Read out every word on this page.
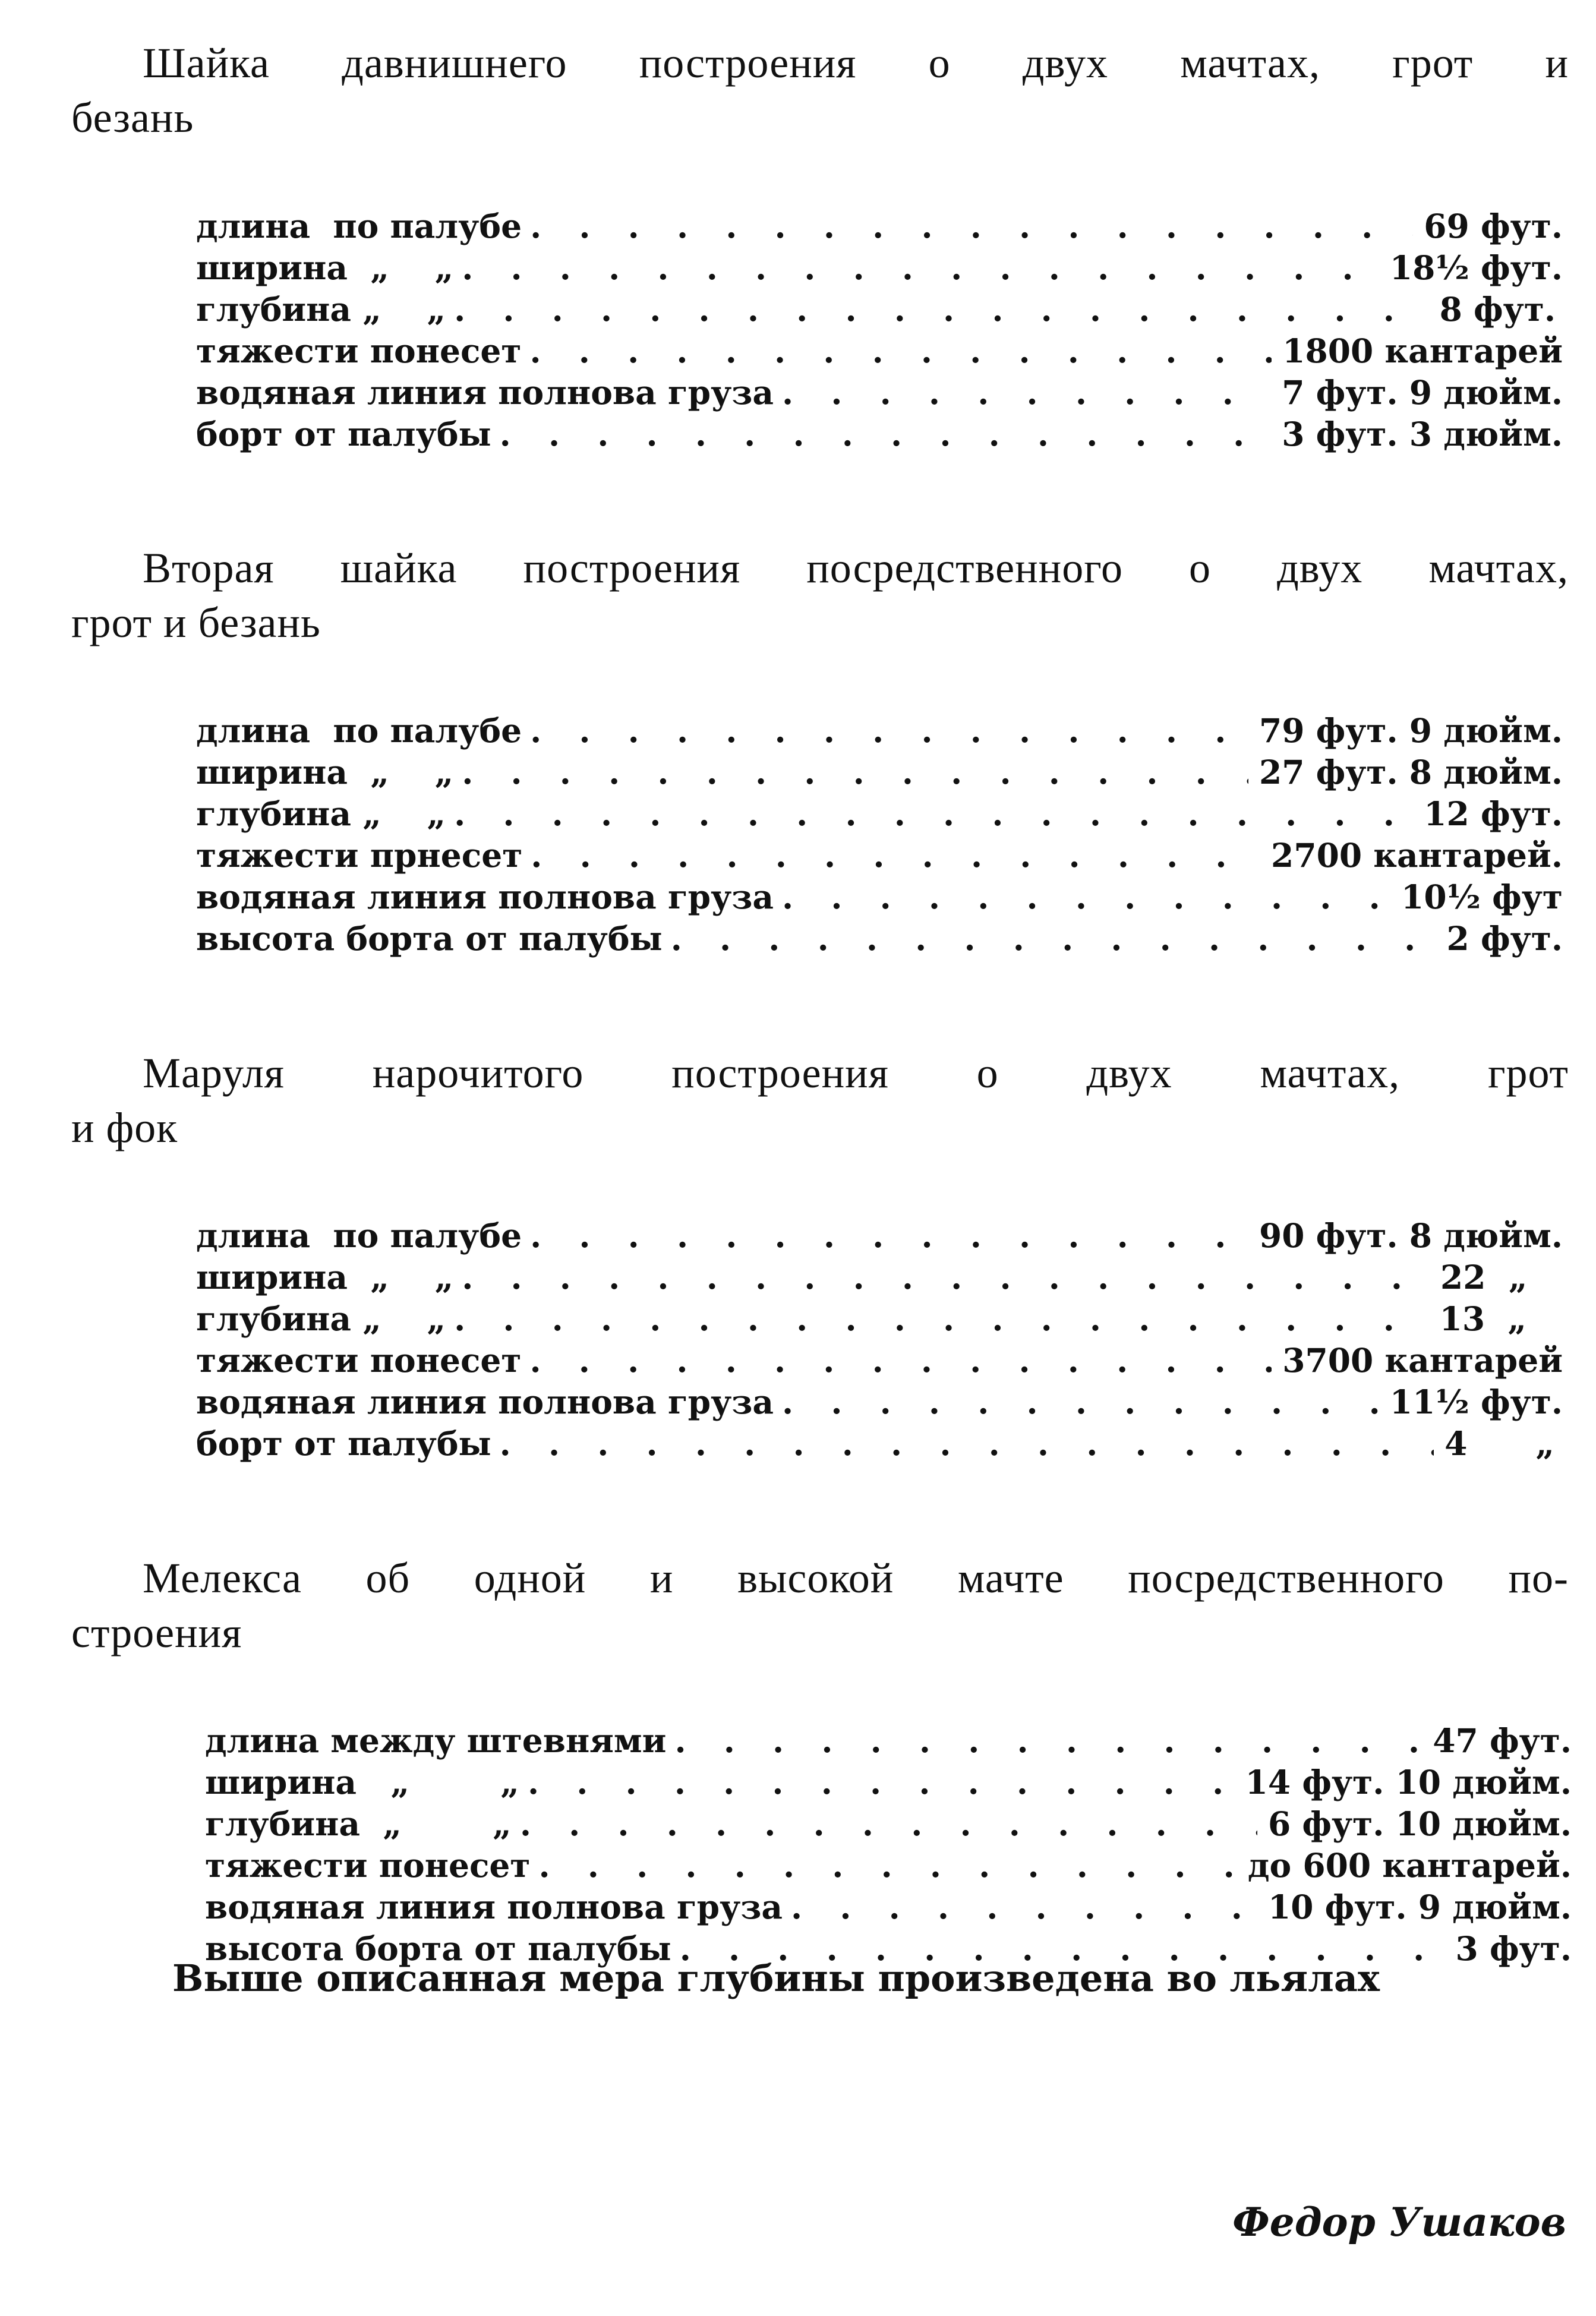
Шайка давнишнего построения о двух мачтах, грот и
безань

длина  по палубе . . .	69 фут.
ширина  „    „ . . .	18½ фут.
глубина „    „ . . .	8 фут.
тяжести понесет . . .	1800 кантарей
водяная линия полнова груза . . .	7 фут. 9 дюйм.
борт от палубы . . .	3 фут. 3 дюйм.

Вторая шайка построения посредственного о двух мачтах,
грот и безань

длина  по палубе . . .	79 фут. 9 дюйм.
ширина  „    „ . . .	27 фут. 8 дюйм.
глубина „    „ . . .	12 фут.
тяжести прнесет . . .	2700 кантарей.
водяная линия полнова груза . . .	10½ фут
высота борта от палубы . . .	2 фут.

Маруля нарочитого построения о двух мачтах, грот
и фок

длина  по палубе . . .	90 фут. 8 дюйм.
ширина  „    „ . . .	22  „
глубина „    „ . . .	13  „
тяжести понесет . . .	3700 кантарей
водяная линия полнова груза . . .	11½ фут.
борт от палубы . . .	4      „

Мелекса об одной и высокой мачте посредственного по-
строения

длина между штевнями . . .	47 фут.
ширина   „        „ . . .	14 фут. 10 дюйм.
глубина  „        „ . . .	6 фут. 10 дюйм.
тяжести понесет . . .	до 600 кантарей.
водяная линия полнова груза . . .	10 фут. 9 дюйм.
высота борта от палубы . . .	3 фут.

Выше описанная мера глубины произведена во льялах

Федор Ушаков
